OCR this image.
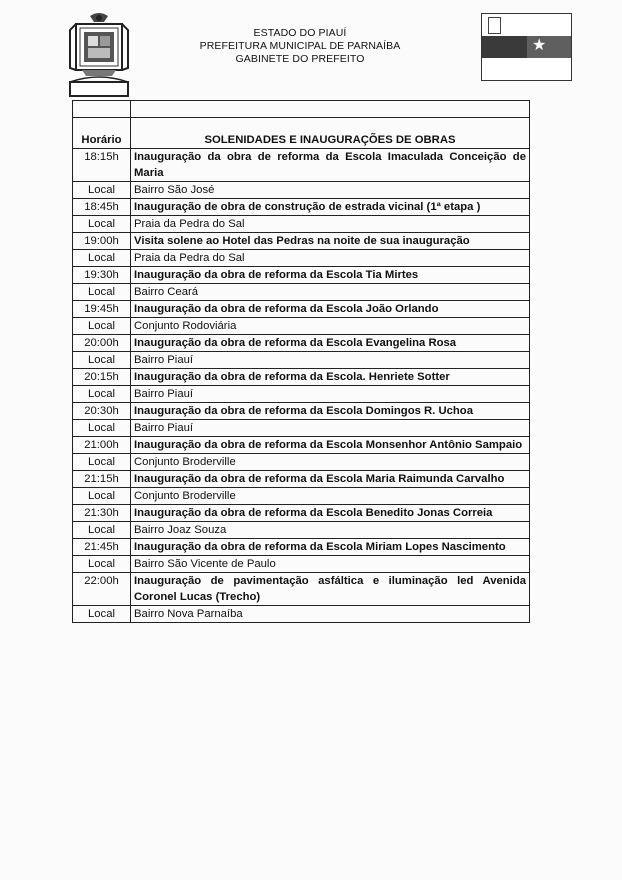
ESTADO DO PIAUÍ
PREFEITURA MUNICIPAL DE PARNAÍBA
GABINETE DO PREFEITO
★

Horário	SOLENIDADES E INAUGURAÇÕES DE OBRAS
18:15h	Inauguração da obra de reforma da Escola Imaculada Conceição de Maria
Local	Bairro São José
18:45h	Inauguração de obra de construção de estrada vicinal (1ª etapa )
Local	Praia da Pedra do Sal
19:00h	Visita solene ao Hotel das Pedras na noite de sua inauguração
Local	Praia da Pedra do Sal
19:30h	Inauguração da obra de reforma da Escola Tia Mirtes
Local	Bairro Ceará
19:45h	Inauguração da obra de reforma da Escola João Orlando
Local	Conjunto Rodoviária
20:00h	Inauguração da obra de reforma da Escola Evangelina Rosa
Local	Bairro Piauí
20:15h	Inauguração da obra de reforma da Escola. Henriete Sotter
Local	Bairro Piauí
20:30h	Inauguração da obra de reforma da Escola Domingos R. Uchoa
Local	Bairro Piauí
21:00h	Inauguração da obra de reforma da Escola Monsenhor Antônio Sampaio
Local	Conjunto Broderville
21:15h	Inauguração da obra de reforma da Escola Maria Raimunda Carvalho
Local	Conjunto Broderville
21:30h	Inauguração da obra de reforma da Escola Benedito Jonas Correia
Local	Bairro Joaz Souza
21:45h	Inauguração da obra de reforma da Escola Miriam Lopes Nascimento
Local	Bairro São Vicente de Paulo
22:00h	Inauguração de pavimentação asfáltica e iluminação led Avenida Coronel Lucas (Trecho)
Local	Bairro Nova Parnaíba
